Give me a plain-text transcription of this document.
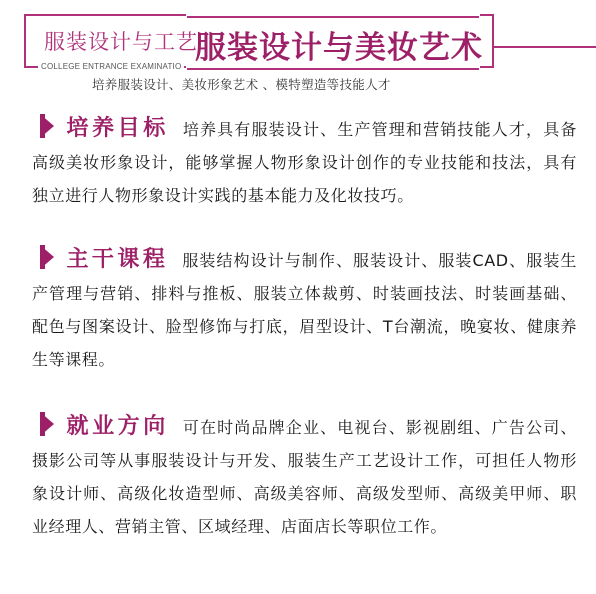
服装设计与工艺
COLLEGE ENTRANCE EXAMINATIO
服装设计与美妆艺术
培养服装设计、美妆形象艺术 、模特塑造等技能人才

培养目标 培养具有服装设计、生产管理和营销技能人才，具备高级美妆形象设计，能够掌握人物形象设计创作的专业技能和技法，具有独立进行人物形象设计实践的基本能力及化妆技巧。

主干课程 服装结构设计与制作、服装设计、服装CAD、服装生产管理与营销、排料与推板、服装立体裁剪、时装画技法、时装画基础、配色与图案设计、脸型修饰与打底，眉型设计、T台潮流，晚宴妆、健康养生等课程。

就业方向 可在时尚品牌企业、电视台、影视剧组、广告公司、摄影公司等从事服装设计与开发、服装生产工艺设计工作，可担任人物形象设计师、高级化妆造型师、高级美容师、高级发型师、高级美甲师、职业经理人、营销主管、区域经理、店面店长等职位工作。
